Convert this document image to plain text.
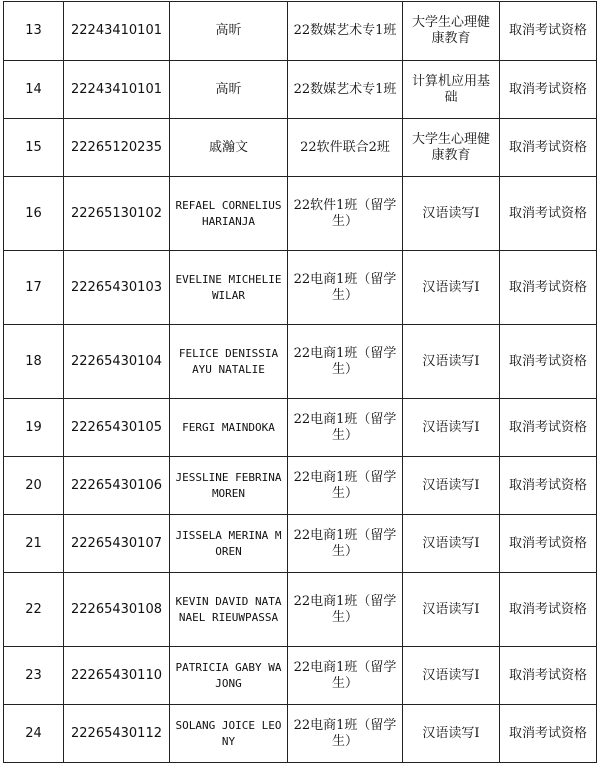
13	22243410101	高昕	22数媒艺术专1班	大学生心理健康教育	取消考试资格
14	22243410101	高昕	22数媒艺术专1班	计算机应用基础	取消考试资格
15	22265120235	戚瀚文	22软件联合2班	大学生心理健康教育	取消考试资格
16	22265130102	REFAEL CORNELIUS HARIANJA	22软件1班（留学生）	汉语读写Ⅰ	取消考试资格
17	22265430103	EVELINE MICHELIE WILAR	22电商1班（留学生）	汉语读写Ⅰ	取消考试资格
18	22265430104	FELICE DENISSIA AYU NATALIE	22电商1班（留学生）	汉语读写Ⅰ	取消考试资格
19	22265430105	FERGI MAINDOKA	22电商1班（留学生）	汉语读写Ⅰ	取消考试资格
20	22265430106	JESSLINE FEBRINA MOREN	22电商1班（留学生）	汉语读写Ⅰ	取消考试资格
21	22265430107	JISSELA MERINA MOREN	22电商1班（留学生）	汉语读写Ⅰ	取消考试资格
22	22265430108	KEVIN DAVID NATANAEL RIEUWPASSA	22电商1班（留学生）	汉语读写Ⅰ	取消考试资格
23	22265430110	PATRICIA GABY WAJONG	22电商1班（留学生）	汉语读写Ⅰ	取消考试资格
24	22265430112	SOLANG JOICE LEONY	22电商1班（留学生）	汉语读写Ⅰ	取消考试资格
